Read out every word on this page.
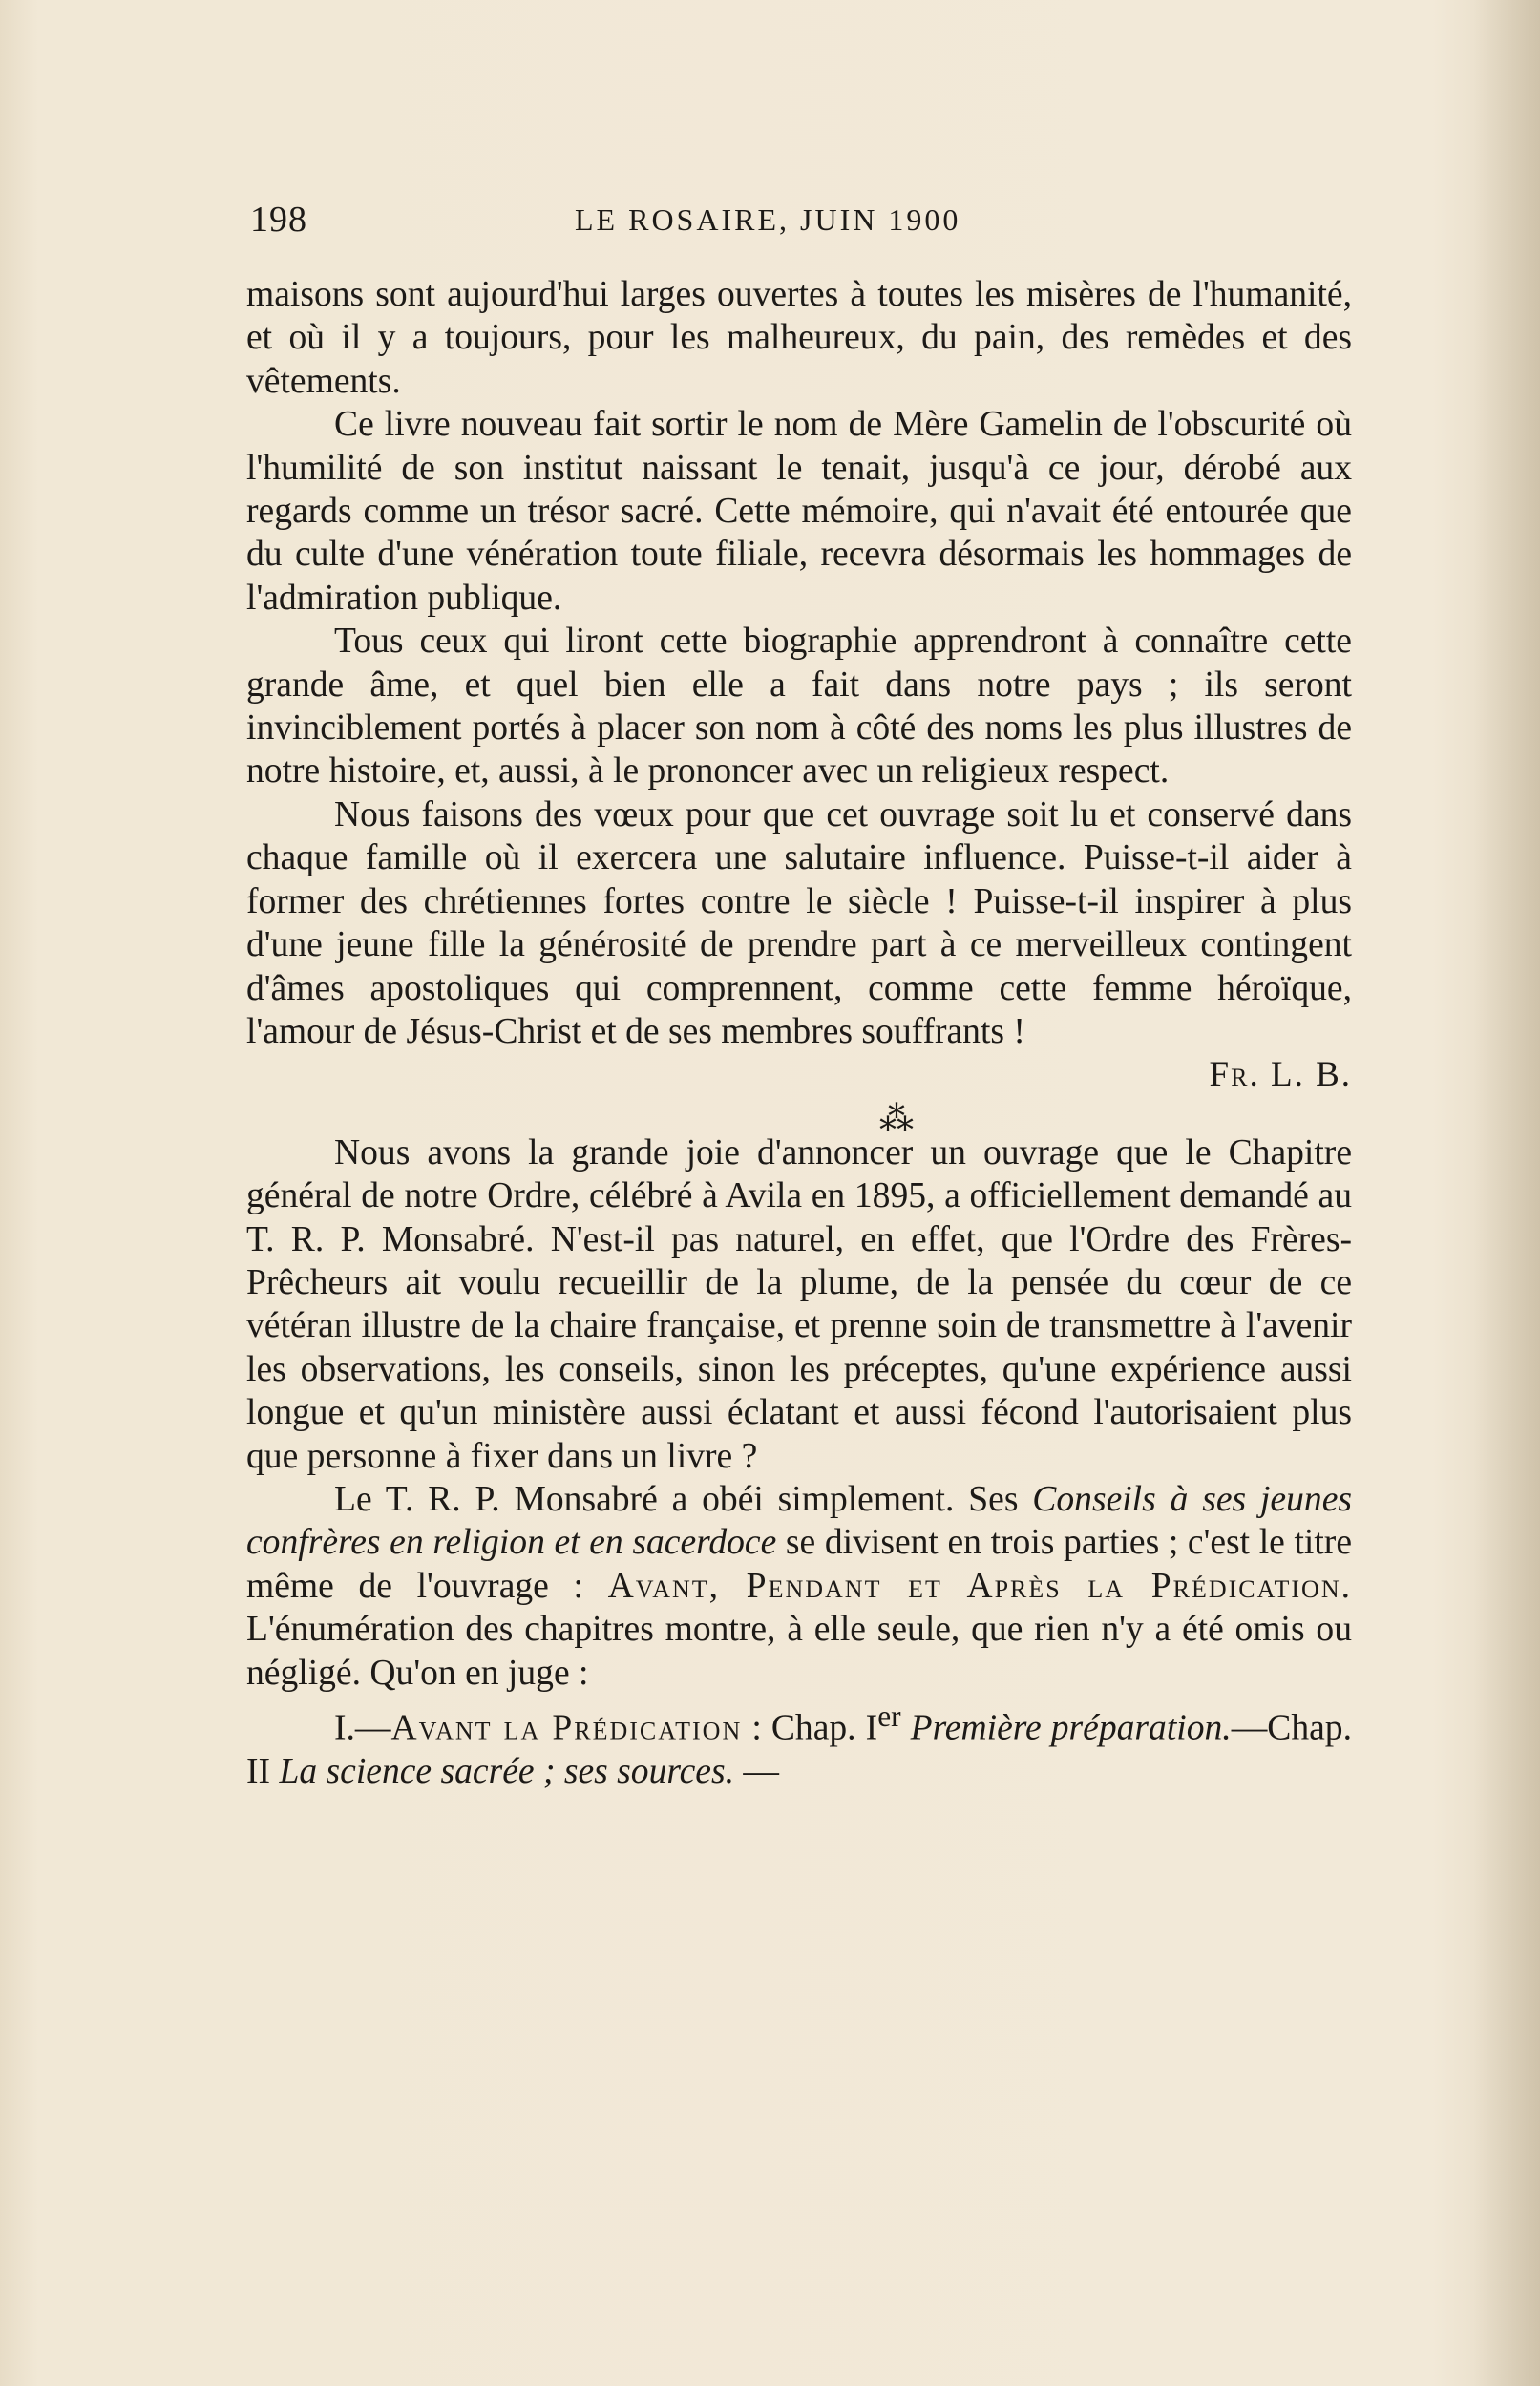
198	LE ROSAIRE, JUIN 1900

maisons sont aujourd'hui larges ouvertes à toutes les misères de l'humanité, et où il y a toujours, pour les malheureux, du pain, des remèdes et des vêtements.

Ce livre nouveau fait sortir le nom de Mère Gamelin de l'obscurité où l'humilité de son institut naissant le tenait, jusqu'à ce jour, dérobé aux regards comme un trésor sacré. Cette mémoire, qui n'avait été entourée que du culte d'une vénération toute filiale, recevra désormais les hommages de l'admiration publique.

Tous ceux qui liront cette biographie apprendront à connaître cette grande âme, et quel bien elle a fait dans notre pays ; ils seront invinciblement portés à placer son nom à côté des noms les plus illustres de notre histoire, et, aussi, à le prononcer avec un religieux respect.

Nous faisons des vœux pour que cet ouvrage soit lu et conservé dans chaque famille où il exercera une salutaire influence. Puisse-t-il aider à former des chrétiennes fortes contre le siècle ! Puisse-t-il inspirer à plus d'une jeune fille la générosité de prendre part à ce merveilleux contingent d'âmes apostoliques qui comprennent, comme cette femme héroïque, l'amour de Jésus-Christ et de ses membres souffrants !

Fr. L. B.

⁂

Nous avons la grande joie d'annoncer un ouvrage que le Chapitre général de notre Ordre, célébré à Avila en 1895, a officiellement demandé au T. R. P. Monsabré. N'est-il pas naturel, en effet, que l'Ordre des Frères-Prêcheurs ait voulu recueillir de la plume, de la pensée du cœur de ce vétéran illustre de la chaire française, et prenne soin de transmettre à l'avenir les observations, les conseils, sinon les préceptes, qu'une expérience aussi longue et qu'un ministère aussi éclatant et aussi fécond l'autorisaient plus que personne à fixer dans un livre ?

Le T. R. P. Monsabré a obéi simplement. Ses Conseils à ses jeunes confrères en religion et en sacerdoce se divisent en trois parties ; c'est le titre même de l'ouvrage : Avant, Pendant et Après la Prédication. L'énumération des chapitres montre, à elle seule, que rien n'y a été omis ou négligé. Qu'on en juge :

I.—Avant la Prédication : Chap. Ier Première préparation.—Chap. II La science sacrée ; ses sources. —
